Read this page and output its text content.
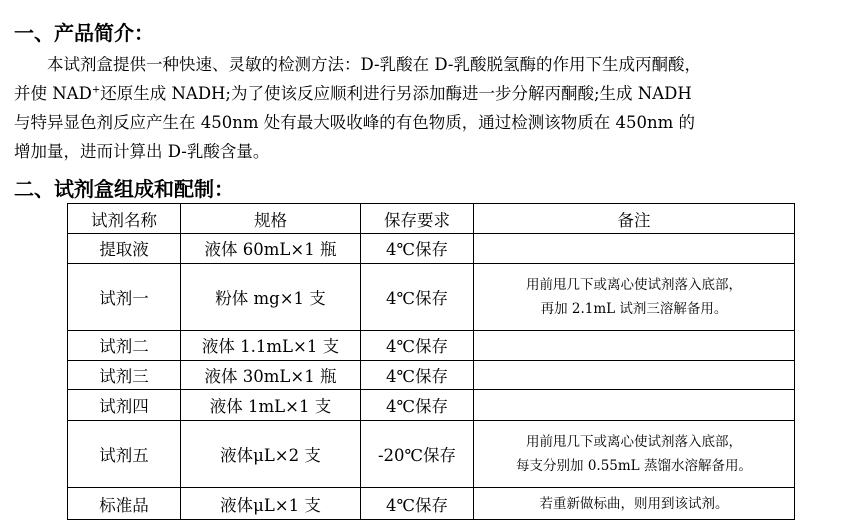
一、产品简介：
本试剂盒提供一种快速、灵敏的检测方法：D-乳酸在 D-乳酸脱氢酶的作用下生成丙酮酸，
并使 NAD+还原生成 NADH;为了使该反应顺利进行另添加酶进一步分解丙酮酸;生成 NADH
与特异显色剂反应产生在 450nm 处有最大吸收峰的有色物质，通过检测该物质在 450nm 的
增加量，进而计算出 D-乳酸含量。
二、试剂盒组成和配制：
试剂名称	规格	保存要求	备注
提取液	液体 60mL×1 瓶	4℃保存	
试剂一	粉体 mg×1 支	4℃保存	用前甩几下或离心使试剂落入底部，
再加 2.1mL 试剂三溶解备用。

试剂二	液体 1.1mL×1 支	4℃保存	
试剂三	液体 30mL×1 瓶	4℃保存	
试剂四	液体 1mL×1 支	4℃保存	
试剂五	液体μL×2 支	-20℃保存	用前甩几下或离心使试剂落入底部，
每支分别加 0.55mL 蒸馏水溶解备用。

标准品	液体μL×1 支	4℃保存	若重新做标曲，则用到该试剂。
